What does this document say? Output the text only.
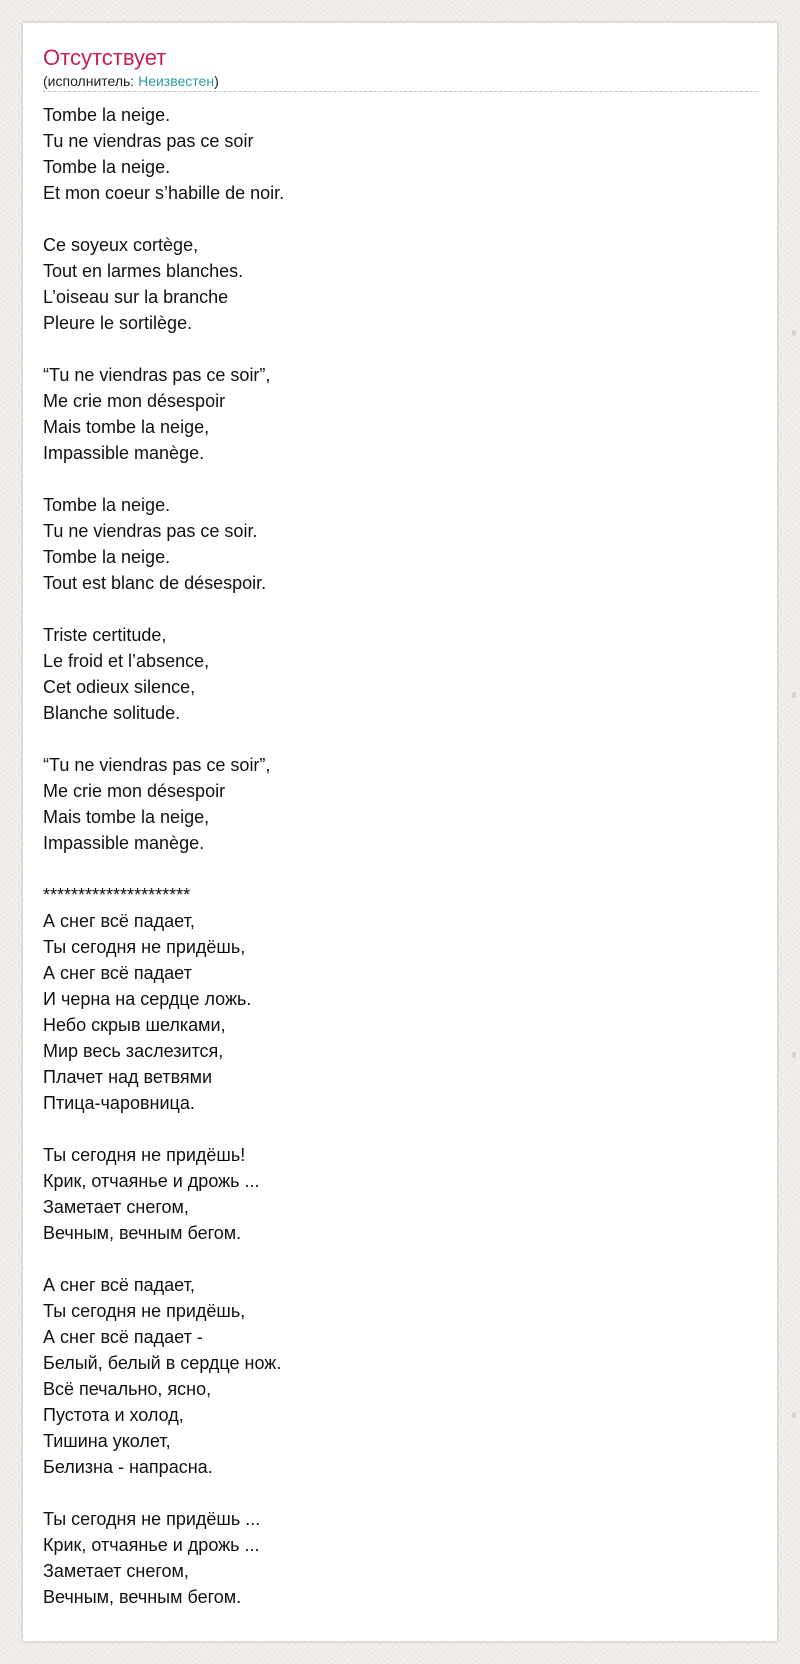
Отсутствует
(исполнитель: Неизвестен)
Tombe la neige.
Tu ne viendras pas ce soir
Tombe la neige.
Et mon coeur s’habille de noir.
Ce soyeux cortège,
Tout en larmes blanches.
L’oiseau sur la branche
Pleure le sortilège.
“Tu ne viendras pas ce soir”,
Me crie mon désespoir
Mais tombe la neige,
Impassible manège.
Tombe la neige.
Tu ne viendras pas ce soir.
Tombe la neige.
Tout est blanc de désespoir.
Triste certitude,
Le froid et l’absence,
Cet odieux silence,
Blanche solitude.
“Tu ne viendras pas ce soir”,
Me crie mon désespoir
Mais tombe la neige,
Impassible manège.
*********************
А снег всё падает,
Ты сегодня не придёшь,
А снег всё падает
И черна на сердце ложь.
Небо скрыв шелками,
Мир весь заслезится,
Плачет над ветвями
Птица-чаровница.
Ты сегодня не придёшь!
Крик, отчаянье и дрожь ...
Заметает снегом,
Вечным, вечным бегом.
А снег всё падает,
Ты сегодня не придёшь,
А снег всё падает -
Белый, белый в сердце нож.
Всё печально, ясно,
Пустота и холод,
Тишина уколет,
Белизна - напрасна.
Ты сегодня не придёшь ...
Крик, отчаянье и дрожь ...
Заметает снегом,
Вечным, вечным бегом.
